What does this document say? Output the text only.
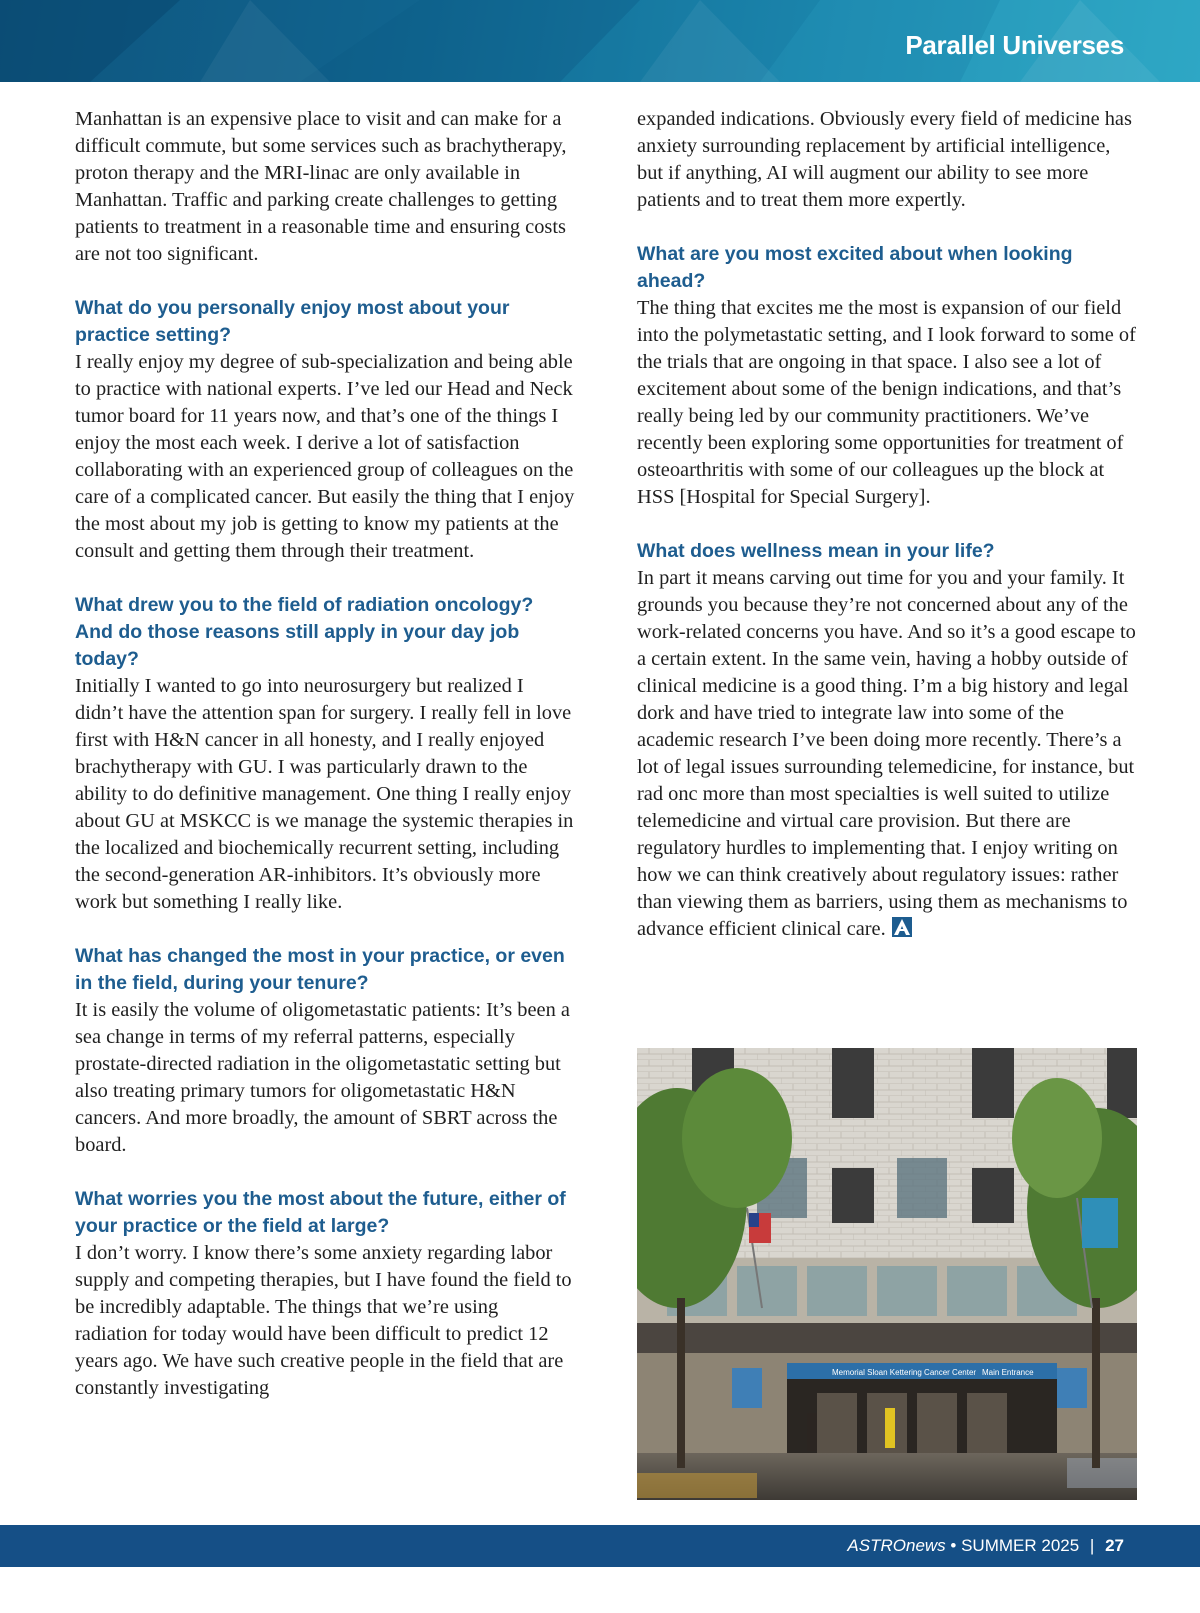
Parallel Universes

Manhattan is an expensive place to visit and can make for a difficult commute, but some services such as brachytherapy, proton therapy and the MRI-linac are only available in Manhattan. Traffic and parking create challenges to getting patients to treatment in a reasonable time and ensuring costs are not too significant.

What do you personally enjoy most about your practice setting?

I really enjoy my degree of sub-specialization and being able to practice with national experts. I’ve led our Head and Neck tumor board for 11 years now, and that’s one of the things I enjoy the most each week. I derive a lot of satisfaction collaborating with an experienced group of colleagues on the care of a complicated cancer. But easily the thing that I enjoy the most about my job is getting to know my patients at the consult and getting them through their treatment.

What drew you to the field of radiation oncology? And do those reasons still apply in your day job today?

Initially I wanted to go into neurosurgery but realized I didn’t have the attention span for surgery. I really fell in love first with H&N cancer in all honesty, and I really enjoyed brachytherapy with GU. I was particularly drawn to the ability to do definitive management. One thing I really enjoy about GU at MSKCC is we manage the systemic therapies in the localized and biochemically recurrent setting, including the second-generation AR-inhibitors. It’s obviously more work but something I really like.

What has changed the most in your practice, or even in the field, during your tenure?

It is easily the volume of oligometastatic patients: It’s been a sea change in terms of my referral patterns, especially prostate-directed radiation in the oligometastatic setting but also treating primary tumors for oligometastatic H&N cancers. And more broadly, the amount of SBRT across the board.

What worries you the most about the future, either of your practice or the field at large?

I don’t worry. I know there’s some anxiety regarding labor supply and competing therapies, but I have found the field to be incredibly adaptable. The things that we’re using radiation for today would have been difficult to predict 12 years ago. We have such creative people in the field that are constantly investigating

expanded indications. Obviously every field of medicine has anxiety surrounding replacement by artificial intelligence, but if anything, AI will augment our ability to see more patients and to treat them more expertly.

What are you most excited about when looking ahead?

The thing that excites me the most is expansion of our field into the polymetastatic setting, and I look forward to some of the trials that are ongoing in that space. I also see a lot of excitement about some of the benign indications, and that’s really being led by our community practitioners. We’ve recently been exploring some opportunities for treatment of osteoarthritis with some of our colleagues up the block at HSS [Hospital for Special Surgery].

What does wellness mean in your life?

In part it means carving out time for you and your family. It grounds you because they’re not concerned about any of the work-related concerns you have. And so it’s a good escape to a certain extent. In the same vein, having a hobby outside of clinical medicine is a good thing. I’m a big history and legal dork and have tried to integrate law into some of the academic research I’ve been doing more recently. There’s a lot of legal issues surrounding telemedicine, for instance, but rad onc more than most specialties is well suited to utilize telemedicine and virtual care provision. But there are regulatory hurdles to implementing that. I enjoy writing on how we can think creatively about regulatory issues: rather than viewing them as barriers, using them as mechanisms to advance efficient clinical care.

Memorial Sloan Kettering Cancer Center Main Entrance
ASTROnews • SUMMER 2025 | 27
